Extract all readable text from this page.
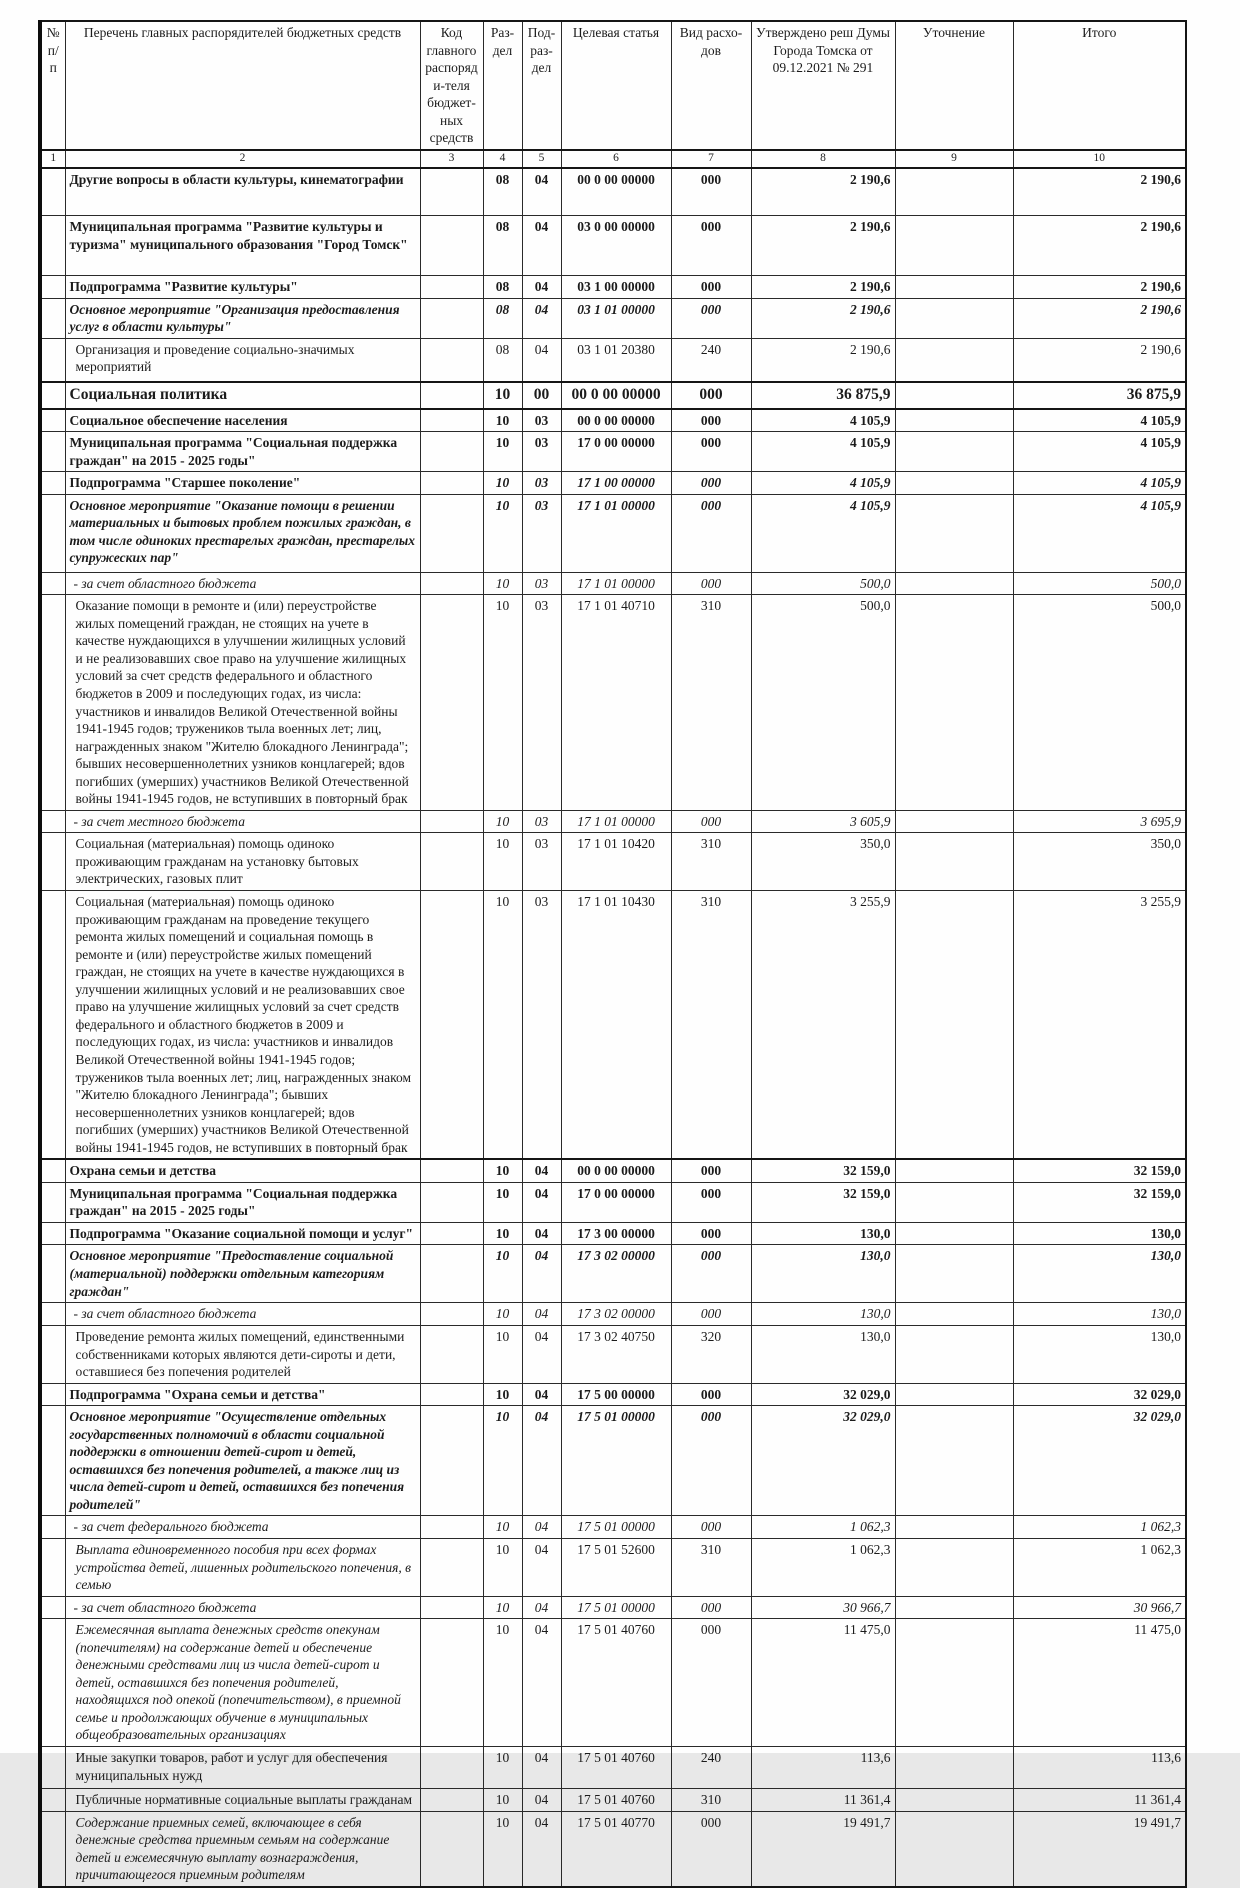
№ п/п	Перечень главных распорядителей бюджетных средств	Код главного распоряди-теля бюджет-ных средств	Раз-дел	Под-раз-дел	Целевая статья	Вид расхо-дов	Утверждено реш Думы Города Томска от 09.12.2021 № 291	Уточнение	Итого
1	2	3	4	5	6	7	8	9	10
	Другие вопросы в области культуры, кинематографии		08	04	00 0 00 00000	000	2 190,6		2 190,6
	Муниципальная программа "Развитие культуры и туризма" муниципального образования "Город Томск"		08	04	03 0 00 00000	000	2 190,6		2 190,6
	Подпрограмма "Развитие культуры"		08	04	03 1 00 00000	000	2 190,6		2 190,6
	Основное мероприятие "Организация предоставления услуг в области культуры"		08	04	03 1 01 00000	000	2 190,6		2 190,6
	Организация и проведение социально-значимых мероприятий		08	04	03 1 01 20380	240	2 190,6		2 190,6
	Социальная политика		10	00	00 0 00 00000	000	36 875,9		36 875,9
	Социальное обеспечение населения		10	03	00 0 00 00000	000	4 105,9		4 105,9
	Муниципальная программа "Социальная поддержка граждан" на 2015 - 2025 годы"		10	03	17 0 00 00000	000	4 105,9		4 105,9
	Подпрограмма "Старшее поколение"		10	03	17 1 00 00000	000	4 105,9		4 105,9
	Основное мероприятие "Оказание помощи в решении материальных и бытовых проблем пожилых граждан, в том числе одиноких престарелых граждан, престарелых супружеских пар"		10	03	17 1 01 00000	000	4 105,9		4 105,9
	- за счет областного бюджета		10	03	17 1 01 00000	000	500,0		500,0
	Оказание помощи в ремонте и (или) переустройстве жилых помещений граждан, не стоящих на учете в качестве нуждающихся в улучшении жилищных условий и не реализовавших свое право на улучшение жилищных условий за счет средств федерального и областного бюджетов в 2009 и последующих годах, из числа: участников и инвалидов Великой Отечественной войны 1941-1945 годов; тружеников тыла военных лет; лиц, награжденных знаком "Жителю блокадного Ленинграда"; бывших несовершеннолетних узников концлагерей; вдов погибших (умерших) участников Великой Отечественной войны 1941-1945 годов, не вступивших в повторный брак		10	03	17 1 01 40710	310	500,0		500,0
	- за счет местного бюджета		10	03	17 1 01 00000	000	3 605,9		3 695,9
	Социальная (материальная) помощь одиноко проживающим гражданам на установку бытовых электрических, газовых плит		10	03	17 1 01 10420	310	350,0		350,0
	Социальная (материальная) помощь одиноко проживающим гражданам на проведение текущего ремонта жилых помещений и социальная помощь в ремонте и (или) переустройстве жилых помещений граждан, не стоящих на учете в качестве нуждающихся в улучшении жилищных условий и не реализовавших свое право на улучшение жилищных условий за счет средств федерального и областного бюджетов в 2009 и последующих годах, из числа: участников и инвалидов Великой Отечественной войны 1941-1945 годов; тружеников тыла военных лет; лиц, награжденных знаком "Жителю блокадного Ленинграда"; бывших несовершеннолетних узников концлагерей; вдов погибших (умерших) участников Великой Отечественной войны 1941-1945 годов, не вступивших в повторный брак		10	03	17 1 01 10430	310	3 255,9		3 255,9
	Охрана семьи и детства		10	04	00 0 00 00000	000	32 159,0		32 159,0
	Муниципальная программа "Социальная поддержка граждан" на 2015 - 2025 годы"		10	04	17 0 00 00000	000	32 159,0		32 159,0
	Подпрограмма "Оказание социальной помощи и услуг"		10	04	17 3 00 00000	000	130,0		130,0
	Основное мероприятие "Предоставление социальной (материальной) поддержки отдельным категориям граждан"		10	04	17 3 02 00000	000	130,0		130,0
	- за счет областного бюджета		10	04	17 3 02 00000	000	130,0		130,0
	Проведение ремонта жилых помещений, единственными собственниками которых являются дети-сироты и дети, оставшиеся без попечения родителей		10	04	17 3 02 40750	320	130,0		130,0
	Подпрограмма "Охрана семьи и детства"		10	04	17 5 00 00000	000	32 029,0		32 029,0
	Основное мероприятие "Осуществление отдельных государственных полномочий в области социальной поддержки в отношении детей-сирот и детей, оставшихся без попечения родителей, а также лиц из числа детей-сирот и детей, оставшихся без попечения родителей"		10	04	17 5 01 00000	000	32 029,0		32 029,0
	- за счет федерального бюджета		10	04	17 5 01 00000	000	1 062,3		1 062,3
	Выплата единовременного пособия при всех формах устройства детей, лишенных родительского попечения, в семью		10	04	17 5 01 52600	310	1 062,3		1 062,3
	- за счет областного бюджета		10	04	17 5 01 00000	000	30 966,7		30 966,7
	Ежемесячная выплата денежных средств опекунам (попечителям) на содержание детей и обеспечение денежными средствами лиц из числа детей-сирот и детей, оставшихся без попечения родителей, находящихся под опекой (попечительством), в приемной семье и продолжающих обучение в муниципальных общеобразовательных организациях		10	04	17 5 01 40760	000	11 475,0		11 475,0
	Иные закупки товаров, работ и услуг для обеспечения муниципальных нужд		10	04	17 5 01 40760	240	113,6		113,6
	Публичные нормативные социальные выплаты гражданам		10	04	17 5 01 40760	310	11 361,4		11 361,4
	Содержание приемных семей, включающее в себя денежные средства приемным семьям на содержание детей и ежемесячную выплату вознаграждения, причитающегося приемным родителям		10	04	17 5 01 40770	000	19 491,7		19 491,7
